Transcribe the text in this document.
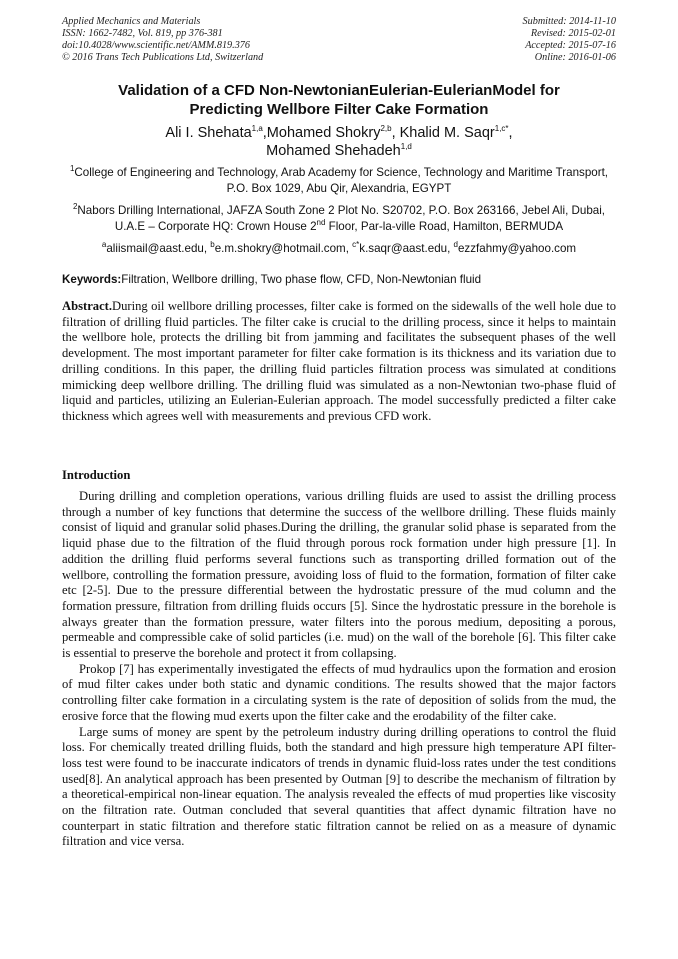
Applied Mechanics and Materials
ISSN: 1662-7482, Vol. 819, pp 376-381
doi:10.4028/www.scientific.net/AMM.819.376
© 2016 Trans Tech Publications Ltd, Switzerland
Submitted: 2014-11-10
Revised: 2015-02-01
Accepted: 2015-07-16
Online: 2016-01-06
Validation of a CFD Non-NewtonianEulerian-EulerianModel for
Predicting Wellbore Filter Cake Formation
Ali I. Shehata$^{1,a}$,Mohamed Shokry$^{2,b}$, Khalid M. Saqr$^{1,c*}$,
Mohamed Shehadeh$^{1,d}$
$^1$College of Engineering and Technology, Arab Academy for Science, Technology and Maritime Transport, P.O. Box 1029, Abu Qir, Alexandria, EGYPT
$^2$Nabors Drilling International, JAFZA South Zone 2 Plot No. S20702, P.O. Box 263166, Jebel Ali, Dubai, U.A.E – Corporate HQ: Crown House 2nd Floor, Par-la-ville Road, Hamilton, BERMUDA
$^a$aliismail@aast.edu, $^b$e.m.shokry@hotmail.com, $^{c*}$k.saqr@aast.edu, $^d$ezzfahmy@yahoo.com
Keywords:Filtration, Wellbore drilling, Two phase flow, CFD, Non-Newtonian fluid
Abstract.During oil wellbore drilling processes, filter cake is formed on the sidewalls of the well hole due to filtration of drilling fluid particles. The filter cake is crucial to the drilling process, since it helps to maintain the wellbore hole, protects the drilling bit from jamming and facilitates the subsequent phases of the well development. The most important parameter for filter cake formation is its thickness and its variation due to drilling conditions. In this paper, the drilling fluid particles filtration process was simulated at conditions mimicking deep wellbore drilling. The drilling fluid was simulated as a non-Newtonian two-phase fluid of liquid and particles, utilizing an Eulerian-Eulerian approach. The model successfully predicted a filter cake thickness which agrees well with measurements and previous CFD work.
Introduction

During drilling and completion operations, various drilling fluids are used to assist the drilling process through a number of key functions that determine the success of the wellbore drilling. These fluids mainly consist of liquid and granular solid phases.During the drilling, the granular solid phase is separated from the liquid phase due to the filtration of the fluid through porous rock formation under high pressure [1]. In addition the drilling fluid performs several functions such as transporting drilled formation out of the wellbore, controlling the formation pressure, avoiding loss of fluid to the formation, formation of filter cake etc [2-5]. Due to the pressure differential between the hydrostatic pressure of the mud column and the formation pressure, filtration from drilling fluids occurs [5]. Since the hydrostatic pressure in the borehole is always greater than the formation pressure, water filters into the porous medium, depositing a porous, permeable and compressible cake of solid particles (i.e. mud) on the wall of the borehole [6]. This filter cake is essential to preserve the borehole and protect it from collapsing.

Prokop [7] has experimentally investigated the effects of mud hydraulics upon the formation and erosion of mud filter cakes under both static and dynamic conditions. The results showed that the major factors controlling filter cake formation in a circulating system is the rate of deposition of solids from the mud, the erosive force that the flowing mud exerts upon the filter cake and the erodability of the filter cake.

Large sums of money are spent by the petroleum industry during drilling operations to control the fluid loss. For chemically treated drilling fluids, both the standard and high pressure high temperature API filter-loss test were found to be inaccurate indicators of trends in dynamic fluid-loss rates under the test conditions used[8]. An analytical approach has been presented by Outman [9] to describe the mechanism of filtration by a theoretical-empirical non-linear equation. The analysis revealed the effects of mud properties like viscosity on the filtration rate. Outman concluded that several quantities that affect dynamic filtration have no counterpart in static filtration and therefore static filtration cannot be relied on as a measure of dynamic filtration and vice versa.
